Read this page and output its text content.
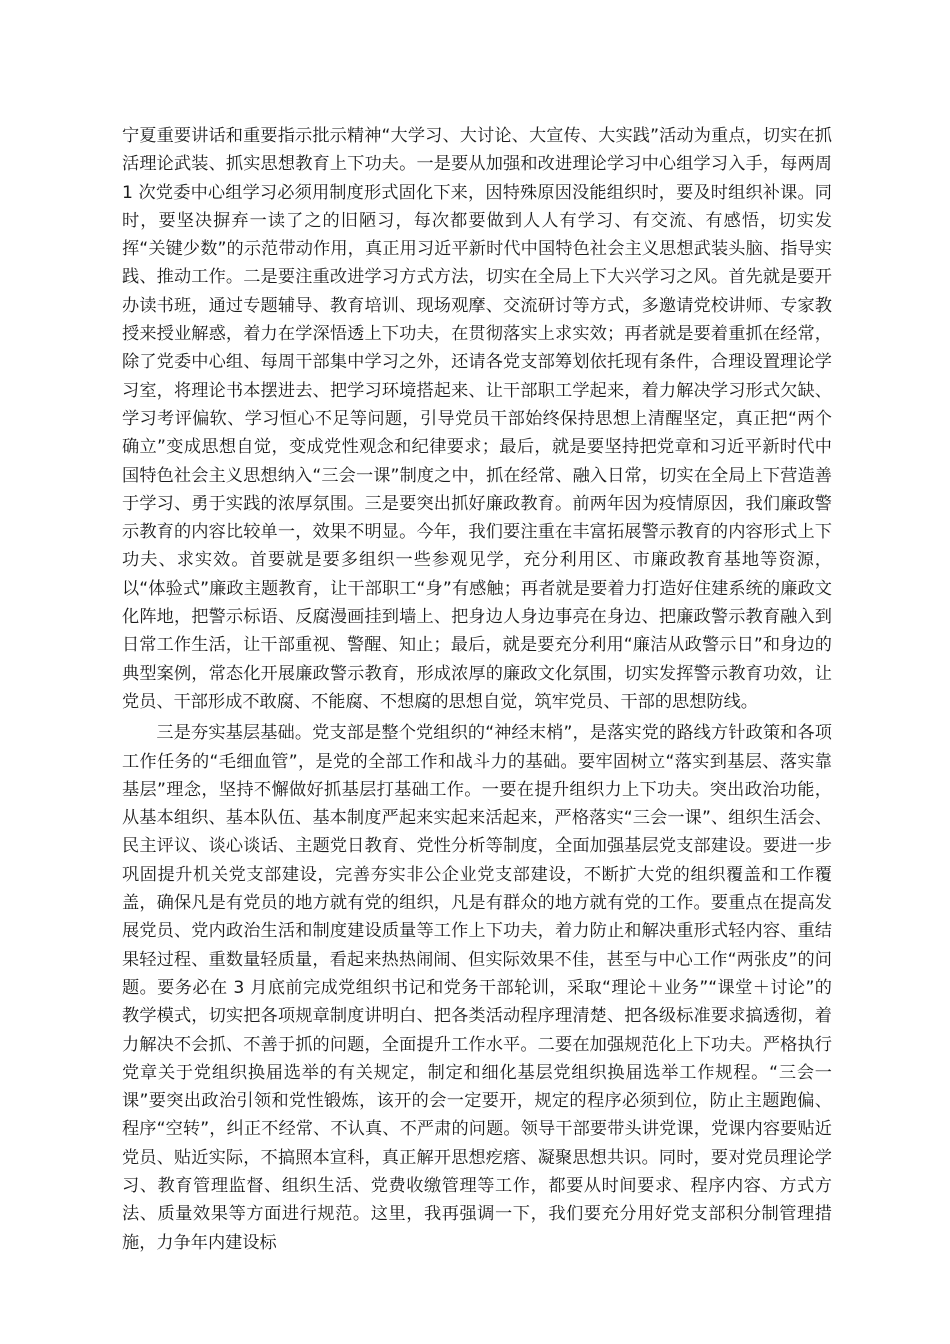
宁夏重要讲话和重要指示批示精神“大学习、大讨论、大宣传、大实践”活动为重点，切实在抓活理论武装、抓实思想教育上下功夫。一是要从加强和改进理论学习中心组学习入手，每两周 1 次党委中心组学习必须用制度形式固化下来，因特殊原因没能组织时，要及时组织补课。同时，要坚决摒弃一读了之的旧陋习，每次都要做到人人有学习、有交流、有感悟，切实发挥“关键少数”的示范带动作用，真正用习近平新时代中国特色社会主义思想武装头脑、指导实践、推动工作。二是要注重改进学习方式方法，切实在全局上下大兴学习之风。首先就是要开办读书班，通过专题辅导、教育培训、现场观摩、交流研讨等方式，多邀请党校讲师、专家教授来授业解惑，着力在学深悟透上下功夫，在贯彻落实上求实效；再者就是要着重抓在经常，除了党委中心组、每周干部集中学习之外，还请各党支部筹划依托现有条件，合理设置理论学习室，将理论书本摆进去、把学习环境搭起来、让干部职工学起来，着力解决学习形式欠缺、学习考评偏软、学习恒心不足等问题，引导党员干部始终保持思想上清醒坚定，真正把“两个确立”变成思想自觉，变成党性观念和纪律要求；最后，就是要坚持把党章和习近平新时代中国特色社会主义思想纳入“三会一课”制度之中，抓在经常、融入日常，切实在全局上下营造善于学习、勇于实践的浓厚氛围。三是要突出抓好廉政教育。前两年因为疫情原因，我们廉政警示教育的内容比较单一，效果不明显。今年，我们要注重在丰富拓展警示教育的内容形式上下功夫、求实效。首要就是要多组织一些参观见学，充分利用区、市廉政教育基地等资源，以“体验式”廉政主题教育，让干部职工“身”有感触；再者就是要着力打造好住建系统的廉政文化阵地，把警示标语、反腐漫画挂到墙上、把身边人身边事亮在身边、把廉政警示教育融入到日常工作生活，让干部重视、警醒、知止；最后，就是要充分利用“廉洁从政警示日”和身边的典型案例，常态化开展廉政警示教育，形成浓厚的廉政文化氛围，切实发挥警示教育功效，让党员、干部形成不敢腐、不能腐、不想腐的思想自觉，筑牢党员、干部的思想防线。

三是夯实基层基础。党支部是整个党组织的“神经末梢”，是落实党的路线方针政策和各项工作任务的“毛细血管”，是党的全部工作和战斗力的基础。要牢固树立“落实到基层、落实靠基层”理念，坚持不懈做好抓基层打基础工作。一要在提升组织力上下功夫。突出政治功能，从基本组织、基本队伍、基本制度严起来实起来活起来，严格落实“三会一课”、组织生活会、民主评议、谈心谈话、主题党日教育、党性分析等制度，全面加强基层党支部建设。要进一步巩固提升机关党支部建设，完善夯实非公企业党支部建设，不断扩大党的组织覆盖和工作覆盖，确保凡是有党员的地方就有党的组织，凡是有群众的地方就有党的工作。要重点在提高发展党员、党内政治生活和制度建设质量等工作上下功夫，着力防止和解决重形式轻内容、重结果轻过程、重数量轻质量，看起来热热闹闹、但实际效果不佳，甚至与中心工作“两张皮”的问题。要务必在 3 月底前完成党组织书记和党务干部轮训，采取“理论＋业务”“课堂＋讨论”的教学模式，切实把各项规章制度讲明白、把各类活动程序理清楚、把各级标准要求搞透彻，着力解决不会抓、不善于抓的问题，全面提升工作水平。二要在加强规范化上下功夫。严格执行党章关于党组织换届选举的有关规定，制定和细化基层党组织换届选举工作规程。“三会一课”要突出政治引领和党性锻炼，该开的会一定要开，规定的程序必须到位，防止主题跑偏、程序“空转”，纠正不经常、不认真、不严肃的问题。领导干部要带头讲党课，党课内容要贴近党员、贴近实际，不搞照本宣科，真正解开思想疙瘩、凝聚思想共识。同时，要对党员理论学习、教育管理监督、组织生活、党费收缴管理等工作，都要从时间要求、程序内容、方式方法、质量效果等方面进行规范。这里，我再强调一下，我们要充分用好党支部积分制管理措施，力争年内建设标
